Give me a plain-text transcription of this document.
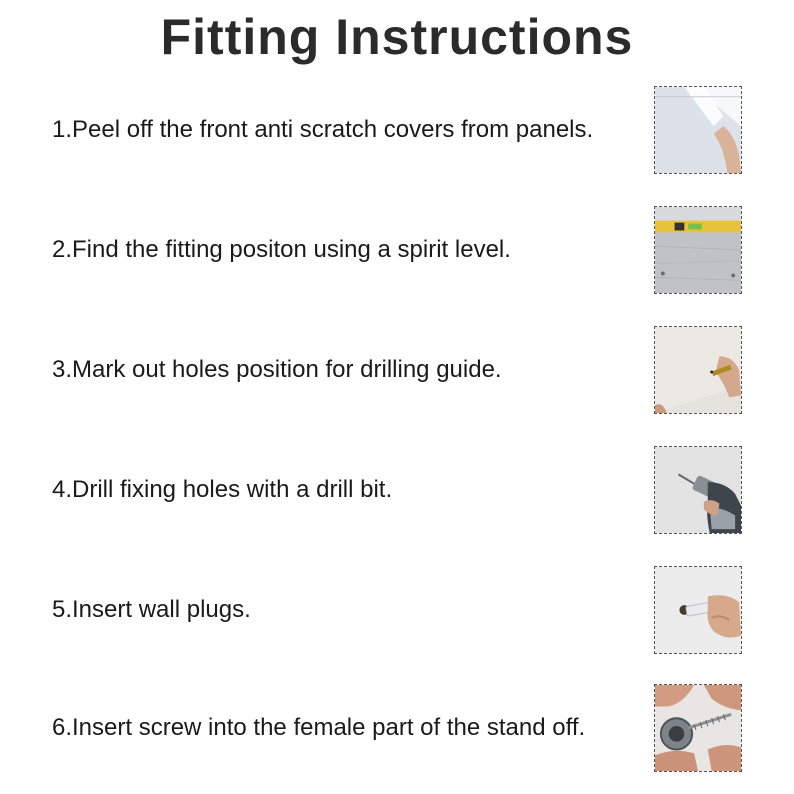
Fitting Instructions
1.Peel off the front anti scratch covers from panels.
2.Find the fitting positon using a spirit level.
3.Mark out holes position for drilling guide.
4.Drill fixing holes with a drill bit.
5.Insert wall plugs.
6.Insert screw into the female part of the stand off.
